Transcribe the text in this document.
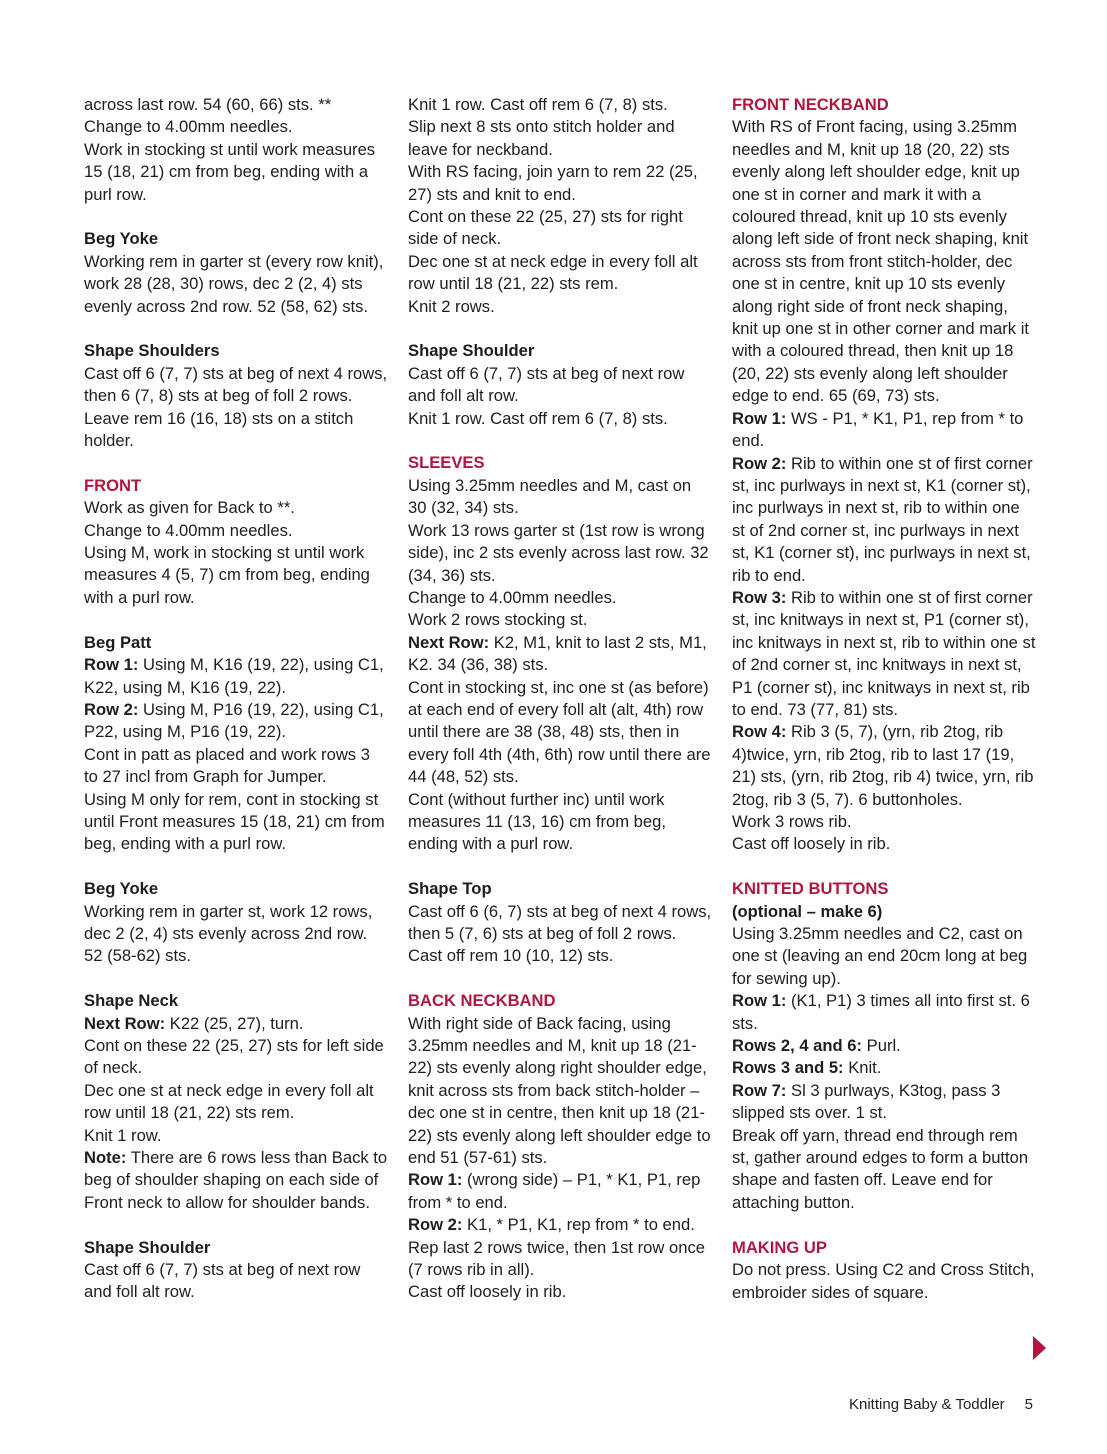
across last row. 54 (60, 66) sts. **

Change to 4.00mm needles.

Work in stocking st until work measures 15 (18, 21) cm from beg, ending with a purl row.

Beg Yoke

Working rem in garter st (every row knit), work 28 (28, 30) rows, dec 2 (2, 4) sts evenly across 2nd row. 52 (58, 62) sts.

Shape Shoulders

Cast off 6 (7, 7) sts at beg of next 4 rows, then 6 (7, 8) sts at beg of foll 2 rows.

Leave rem 16 (16, 18) sts on a stitch holder.

FRONT

Work as given for Back to **.

Change to 4.00mm needles.

Using M, work in stocking st until work measures 4 (5, 7) cm from beg, ending with a purl row.

Beg Patt

Row 1: Using M, K16 (19, 22), using C1, K22, using M, K16 (19, 22).

Row 2: Using M, P16 (19, 22), using C1, P22, using M, P16 (19, 22).

Cont in patt as placed and work rows 3 to 27 incl from Graph for Jumper.

Using M only for rem, cont in stocking st until Front measures 15 (18, 21) cm from beg, ending with a purl row.

Beg Yoke

Working rem in garter st, work 12 rows, dec 2 (2, 4) sts evenly across 2nd row. 52 (58-62) sts.

Shape Neck

Next Row: K22 (25, 27), turn.

Cont on these 22 (25, 27) sts for left side of neck.

Dec one st at neck edge in every foll alt row until 18 (21, 22) sts rem.

Knit 1 row.

Note: There are 6 rows less than Back to beg of shoulder shaping on each side of Front neck to allow for shoulder bands.

Shape Shoulder

Cast off 6 (7, 7) sts at beg of next row and foll alt row.

Knit 1 row. Cast off rem 6 (7, 8) sts.

Slip next 8 sts onto stitch holder and leave for neckband.

With RS facing, join yarn to rem 22 (25, 27) sts and knit to end.

Cont on these 22 (25, 27) sts for right side of neck.

Dec one st at neck edge in every foll alt row until 18 (21, 22) sts rem.

Knit 2 rows.

Shape Shoulder

Cast off 6 (7, 7) sts at beg of next row and foll alt row.

Knit 1 row. Cast off rem 6 (7, 8) sts.

SLEEVES

Using 3.25mm needles and M, cast on 30 (32, 34) sts.

Work 13 rows garter st (1st row is wrong side), inc 2 sts evenly across last row. 32 (34, 36) sts.

Change to 4.00mm needles.

Work 2 rows stocking st.

Next Row: K2, M1, knit to last 2 sts, M1, K2. 34 (36, 38) sts.

Cont in stocking st, inc one st (as before) at each end of every foll alt (alt, 4th) row until there are 38 (38, 48) sts, then in every foll 4th (4th, 6th) row until there are 44 (48, 52) sts.

Cont (without further inc) until work measures 11 (13, 16) cm from beg, ending with a purl row.

Shape Top

Cast off 6 (6, 7) sts at beg of next 4 rows, then 5 (7, 6) sts at beg of foll 2 rows. Cast off rem 10 (10, 12) sts.

BACK NECKBAND

With right side of Back facing, using 3.25mm needles and M, knit up 18 (21-22) sts evenly along right shoulder edge, knit across sts from back stitch-holder – dec one st in centre, then knit up 18 (21-22) sts evenly along left shoulder edge to end 51 (57-61) sts.

Row 1: (wrong side) – P1, * K1, P1, rep from * to end.

Row 2: K1, * P1, K1, rep from * to end.

Rep last 2 rows twice, then 1st row once (7 rows rib in all).

Cast off loosely in rib.

FRONT NECKBAND

With RS of Front facing, using 3.25mm needles and M, knit up 18 (20, 22) sts evenly along left shoulder edge, knit up one st in corner and mark it with a coloured thread, knit up 10 sts evenly along left side of front neck shaping, knit across sts from front stitch-holder, dec one st in centre, knit up 10 sts evenly along right side of front neck shaping, knit up one st in other corner and mark it with a coloured thread, then knit up 18 (20, 22) sts evenly along left shoulder edge to end. 65 (69, 73) sts.

Row 1: WS - P1, * K1, P1, rep from * to end.

Row 2: Rib to within one st of first corner st, inc purlways in next st, K1 (corner st), inc purlways in next st, rib to within one st of 2nd corner st, inc purlways in next st, K1 (corner st), inc purlways in next st, rib to end.

Row 3: Rib to within one st of first corner st, inc knitways in next st, P1 (corner st), inc knitways in next st, rib to within one st of 2nd corner st, inc knitways in next st, P1 (corner st), inc knitways in next st, rib to end. 73 (77, 81) sts.

Row 4: Rib 3 (5, 7), (yrn, rib 2tog, rib 4)twice, yrn, rib 2tog, rib to last 17 (19, 21) sts, (yrn, rib 2tog, rib 4) twice, yrn, rib 2tog, rib 3 (5, 7). 6 buttonholes.

Work 3 rows rib.

Cast off loosely in rib.

KNITTED BUTTONS

(optional – make 6)

Using 3.25mm needles and C2, cast on one st (leaving an end 20cm long at beg for sewing up).

Row 1: (K1, P1) 3 times all into first st. 6 sts.

Rows 2, 4 and 6: Purl.

Rows 3 and 5: Knit.

Row 7: Sl 3 purlways, K3tog, pass 3 slipped sts over. 1 st.

Break off yarn, thread end through rem st, gather around edges to form a button shape and fasten off. Leave end for attaching button.

MAKING UP

Do not press. Using C2 and Cross Stitch, embroider sides of square.

Knitting Baby & Toddler 5
